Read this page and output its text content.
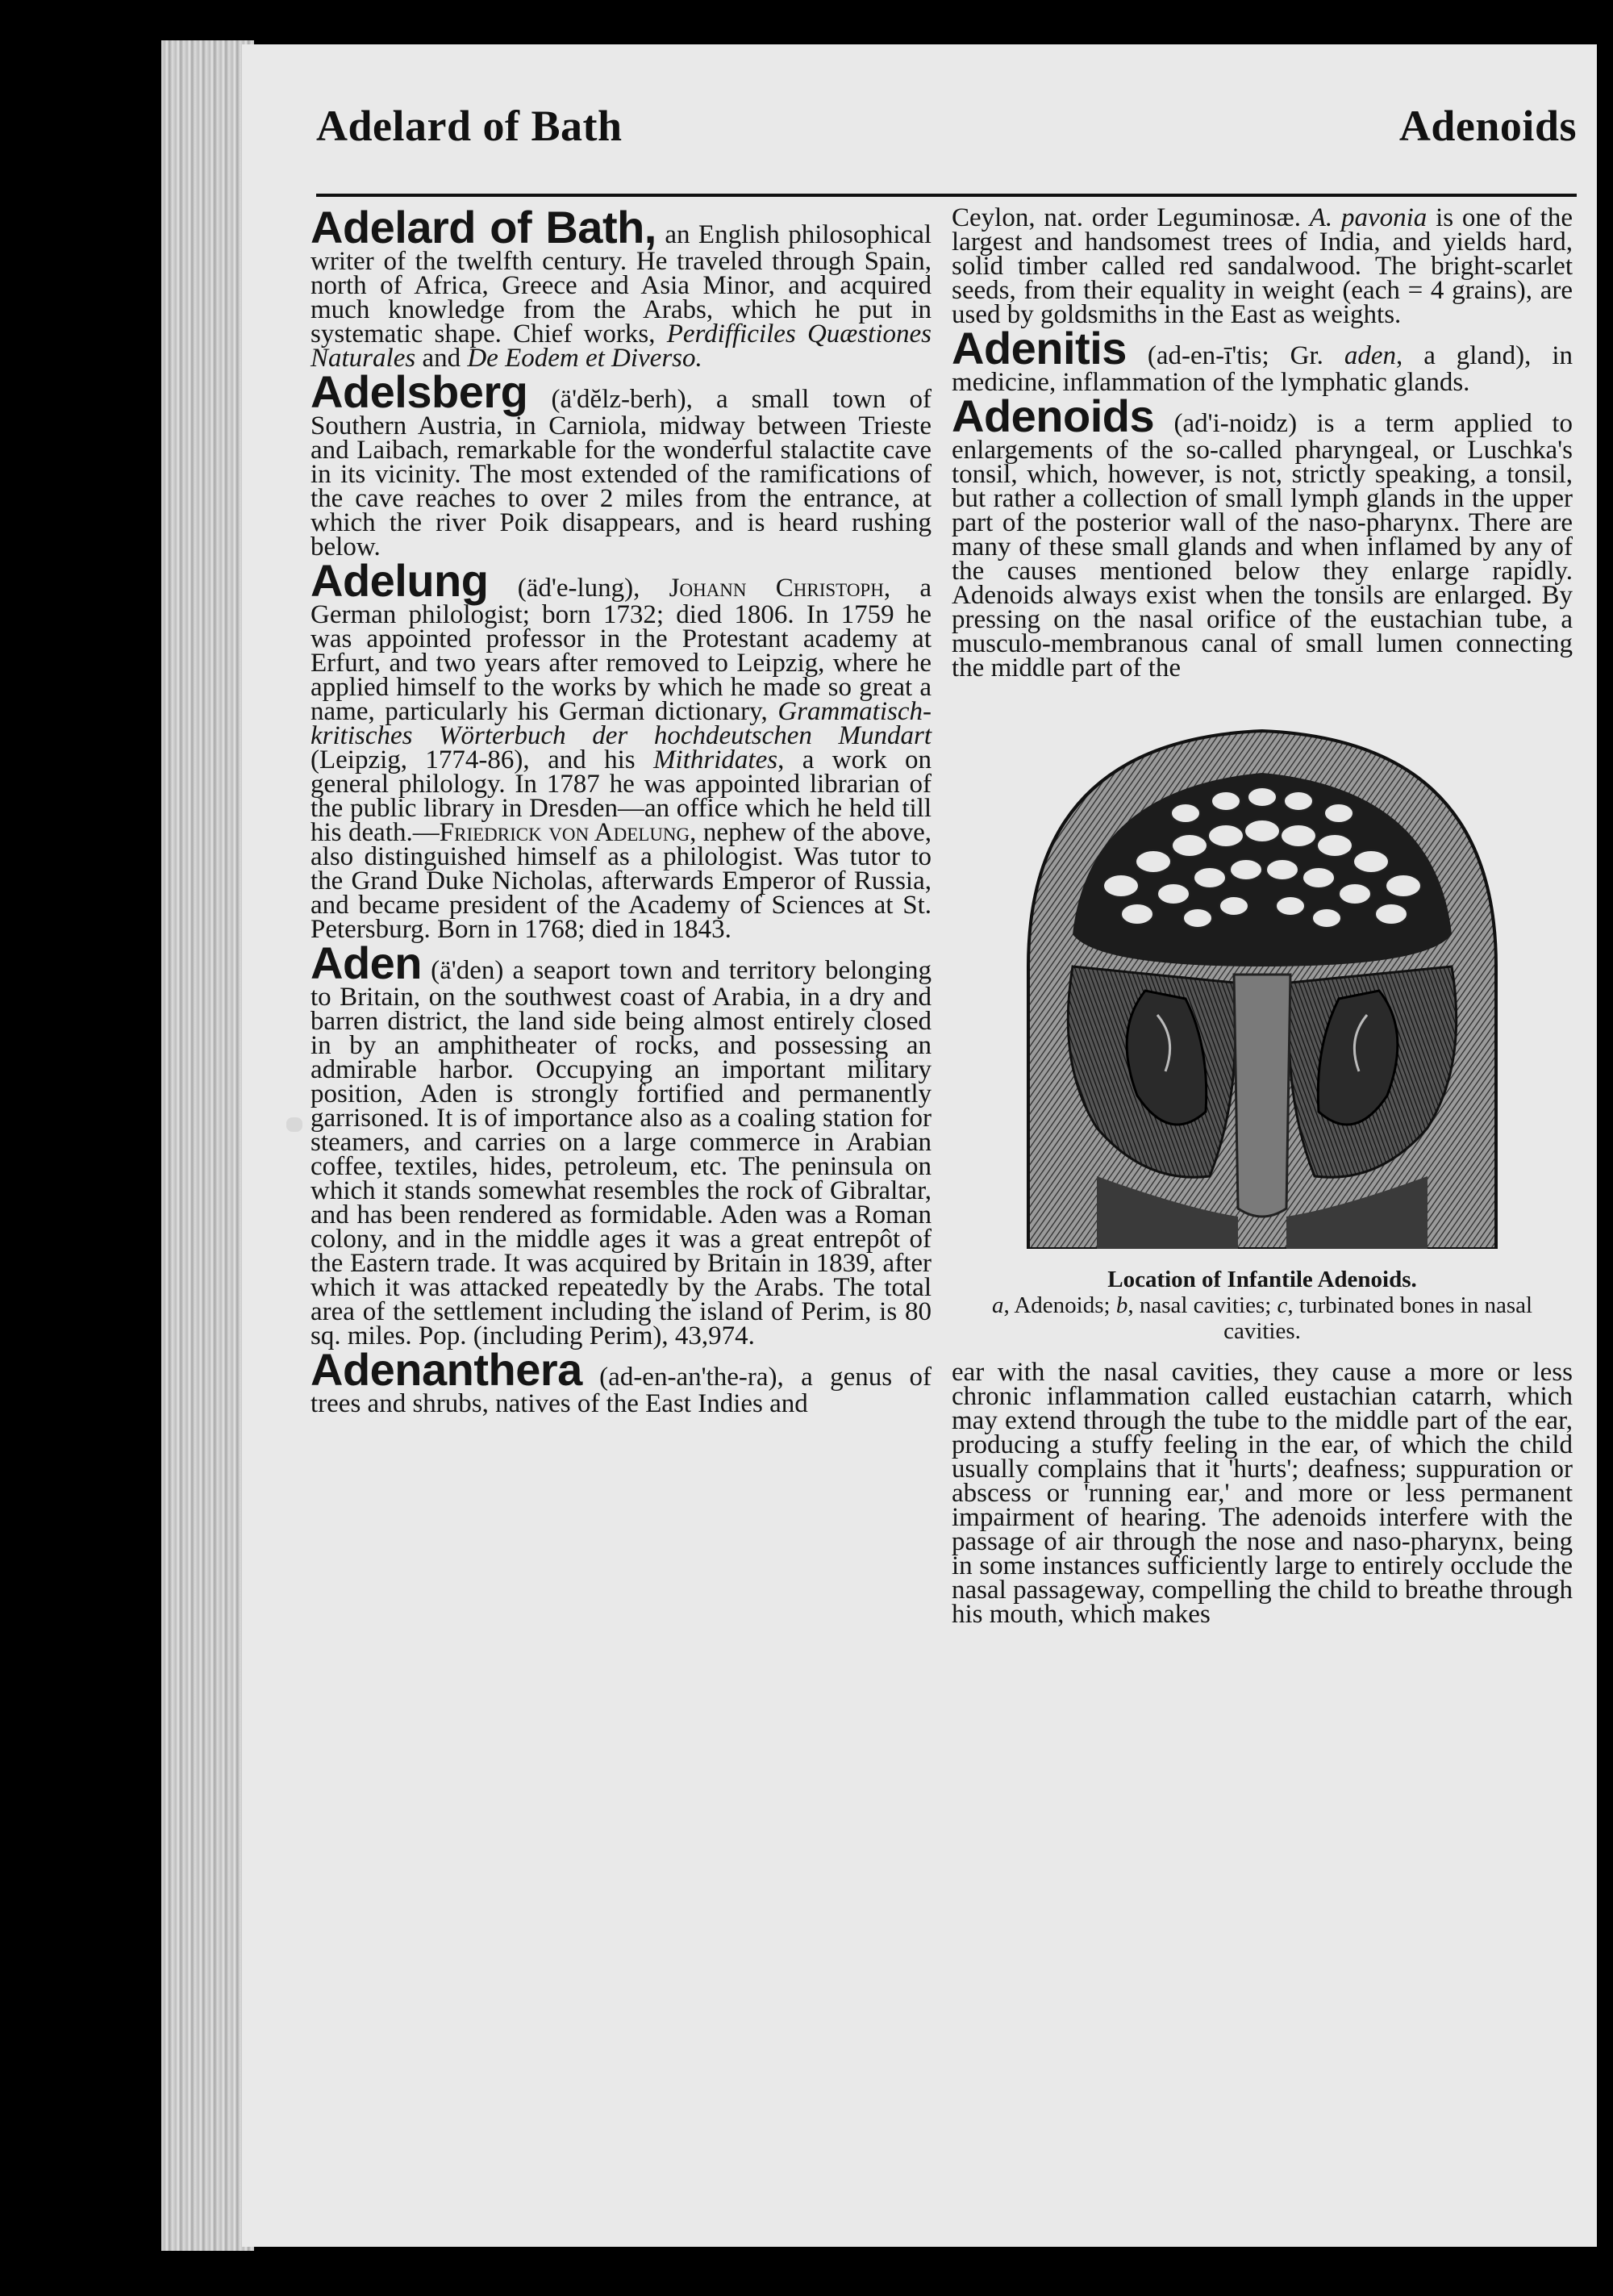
Adelard of Bath	Adenoids

Adelard of Bath, an English philosophical writer of the twelfth century. He traveled through Spain, north of Africa, Greece and Asia Minor, and acquired much knowledge from the Arabs, which he put in systematic shape. Chief works, Perdifficiles Quæstiones Naturales and De Eodem et Diverso.

Adelsberg (ä'dĕlz-berh), a small town of Southern Austria, in Carniola, midway between Trieste and Laibach, remarkable for the wonderful stalactite cave in its vicinity. The most extended of the ramifications of the cave reaches to over 2 miles from the entrance, at which the river Poik disappears, and is heard rushing below.

Adelung (äd'e-lung), Johann Christoph, a German philologist; born 1732; died 1806. In 1759 he was appointed professor in the Protestant academy at Erfurt, and two years after removed to Leipzig, where he applied himself to the works by which he made so great a name, particularly his German dictionary, Grammatisch-kritisches Wörterbuch der hochdeutschen Mundart (Leipzig, 1774-86), and his Mithridates, a work on general philology. In 1787 he was appointed librarian of the public library in Dresden—an office which he held till his death.—Friedrick von Adelung, nephew of the above, also distinguished himself as a philologist. Was tutor to the Grand Duke Nicholas, afterwards Emperor of Russia, and became president of the Academy of Sciences at St. Petersburg. Born in 1768; died in 1843.

Aden (ä'den) a seaport town and territory belonging to Britain, on the southwest coast of Arabia, in a dry and barren district, the land side being almost entirely closed in by an amphitheater of rocks, and possessing an admirable harbor. Occupying an important military position, Aden is strongly fortified and permanently garrisoned. It is of importance also as a coaling station for steamers, and carries on a large commerce in Arabian coffee, textiles, hides, petroleum, etc. The peninsula on which it stands somewhat resembles the rock of Gibraltar, and has been rendered as formidable. Aden was a Roman colony, and in the middle ages it was a great entrepôt of the Eastern trade. It was acquired by Britain in 1839, after which it was attacked repeatedly by the Arabs. The total area of the settlement including the island of Perim, is 80 sq. miles. Pop. (including Perim), 43,974.

Adenanthera (ad-en-an'the-ra), a genus of trees and shrubs, natives of the East Indies and

Ceylon, nat. order Leguminosæ. A. pavonia is one of the largest and handsomest trees of India, and yields hard, solid timber called red sandalwood. The bright-scarlet seeds, from their equality in weight (each = 4 grains), are used by goldsmiths in the East as weights.

Adenitis (ad-en-ī'tis; Gr. aden, a gland), in medicine, inflammation of the lymphatic glands.

Adenoids (ad'i-noidz) is a term applied to enlargements of the so-called pharyngeal, or Luschka's tonsil, which, however, is not, strictly speaking, a tonsil, but rather a collection of small lymph glands in the upper part of the posterior wall of the naso-pharynx. There are many of these small glands and when inflamed by any of the causes mentioned below they enlarge rapidly. Adenoids always exist when the tonsils are enlarged. By pressing on the nasal orifice of the eustachian tube, a musculo-membranous canal of small lumen connecting the middle part of the

Location of Infantile Adenoids.
a, Adenoids; b, nasal cavities; c, turbinated bones in nasal cavities.

ear with the nasal cavities, they cause a more or less chronic inflammation called eustachian catarrh, which may extend through the tube to the middle part of the ear, producing a stuffy feeling in the ear, of which the child usually complains that it 'hurts'; deafness; suppuration or abscess or 'running ear,' and more or less permanent impairment of hearing. The adenoids interfere with the passage of air through the nose and naso-pharynx, being in some instances sufficiently large to entirely occlude the nasal passageway, compelling the child to breathe through his mouth, which makes
